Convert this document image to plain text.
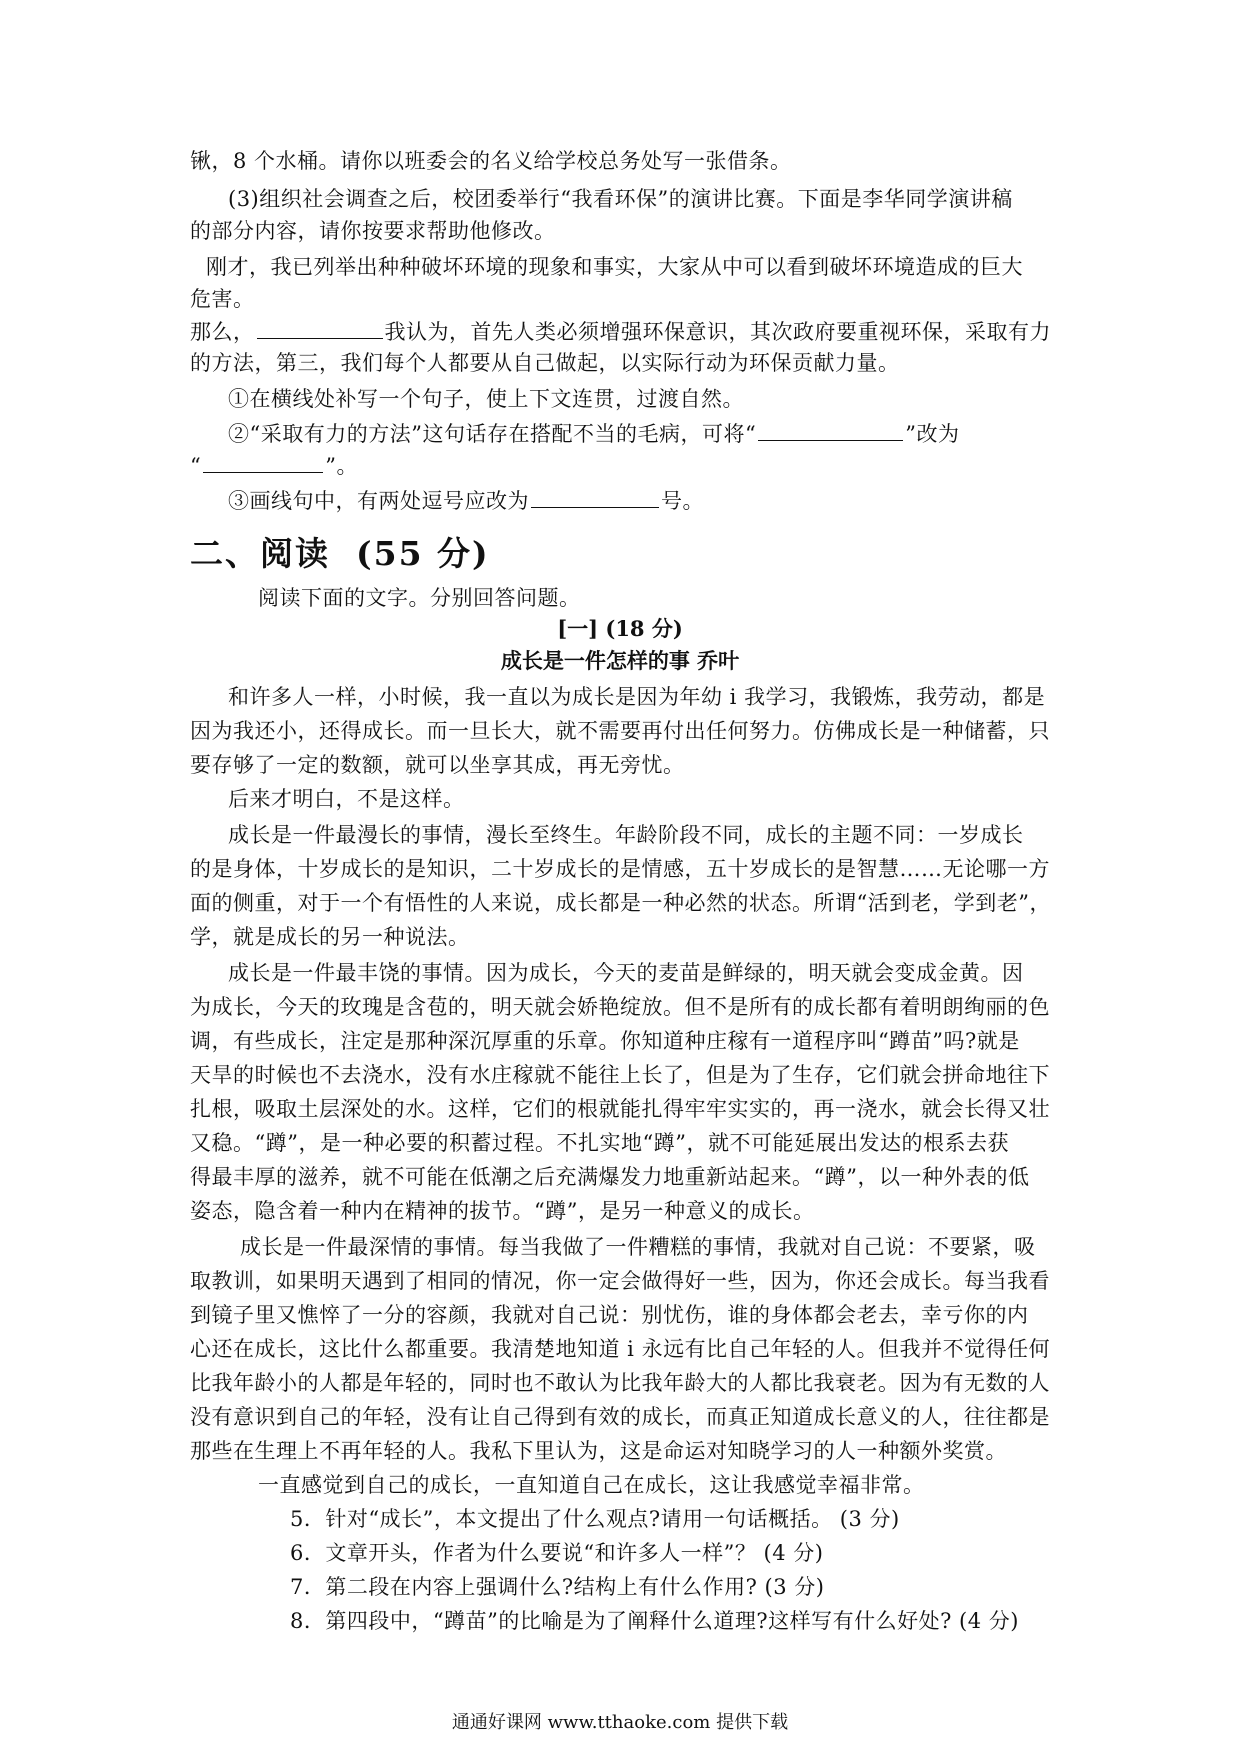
锹，8 个水桶。请你以班委会的名义给学校总务处写一张借条。
(3)组织社会调查之后，校团委举行“我看环保”的演讲比赛。下面是李华同学演讲稿
的部分内容，请你按要求帮助他修改。
刚才，我已列举出种种破坏环境的现象和事实，大家从中可以看到破坏环境造成的巨大
危害。
那么，	我认为，首先人类必须增强环保意识，其次政府要重视环保，采取有力
的方法，第三，我们每个人都要从自己做起，以实际行动为环保贡献力量。
①在横线处补写一个句子，使上下文连贯，过渡自然。
②“采取有力的方法”这句话存在搭配不当的毛病，可将“	”改为
“	”。
③画线句中，有两处逗号应改为	号。
二、阅读 (55 分)
阅读下面的文字。分别回答问题。
[一] (18 分)
成长是一件怎样的事 乔叶
和许多人一样，小时候，我一直以为成长是因为年幼 i 我学习，我锻炼，我劳动，都是
因为我还小，还得成长。而一旦长大，就不需要再付出任何努力。仿佛成长是一种储蓄，只
要存够了一定的数额，就可以坐享其成，再无旁忧。
后来才明白，不是这样。
成长是一件最漫长的事情，漫长至终生。年龄阶段不同，成长的主题不同：一岁成长
的是身体，十岁成长的是知识，二十岁成长的是情感，五十岁成长的是智慧……无论哪一方
面的侧重，对于一个有悟性的人来说，成长都是一种必然的状态。所谓“活到老，学到老”，
学，就是成长的另一种说法。
成长是一件最丰饶的事情。因为成长，今天的麦苗是鲜绿的，明天就会变成金黄。因
为成长，今天的玫瑰是含苞的，明天就会娇艳绽放。但不是所有的成长都有着明朗绚丽的色
调，有些成长，注定是那种深沉厚重的乐章。你知道种庄稼有一道程序叫“蹲苗”吗?就是
天旱的时候也不去浇水，没有水庄稼就不能往上长了，但是为了生存，它们就会拼命地往下
扎根，吸取土层深处的水。这样，它们的根就能扎得牢牢实实的，再一浇水，就会长得又壮
又稳。“蹲”，是一种必要的积蓄过程。不扎实地“蹲”，就不可能延展出发达的根系去获
得最丰厚的滋养，就不可能在低潮之后充满爆发力地重新站起来。“蹲”，以一种外表的低
姿态，隐含着一种内在精神的拔节。“蹲”，是另一种意义的成长。
成长是一件最深情的事情。每当我做了一件糟糕的事情，我就对自己说：不要紧，吸
取教训，如果明天遇到了相同的情况，你一定会做得好一些，因为，你还会成长。每当我看
到镜子里又憔悴了一分的容颜，我就对自己说：别忧伤，谁的身体都会老去，幸亏你的内
心还在成长，这比什么都重要。我清楚地知道 i 永远有比自己年轻的人。但我并不觉得任何
比我年龄小的人都是年轻的，同时也不敢认为比我年龄大的人都比我衰老。因为有无数的人
没有意识到自己的年轻，没有让自己得到有效的成长，而真正知道成长意义的人，往往都是
那些在生理上不再年轻的人。我私下里认为，这是命运对知晓学习的人一种额外奖赏。
一直感觉到自己的成长，一直知道自己在成长，这让我感觉幸福非常。
5．针对“成长”，本文提出了什么观点?请用一句话概括。 (3 分)
6．文章开头，作者为什么要说“和许多人一样”？ (4 分)
7．第二段在内容上强调什么?结构上有什么作用? (3 分)
8．第四段中，“蹲苗”的比喻是为了阐释什么道理?这样写有什么好处? (4 分)
通通好课网 www.tthaoke.com 提供下载
